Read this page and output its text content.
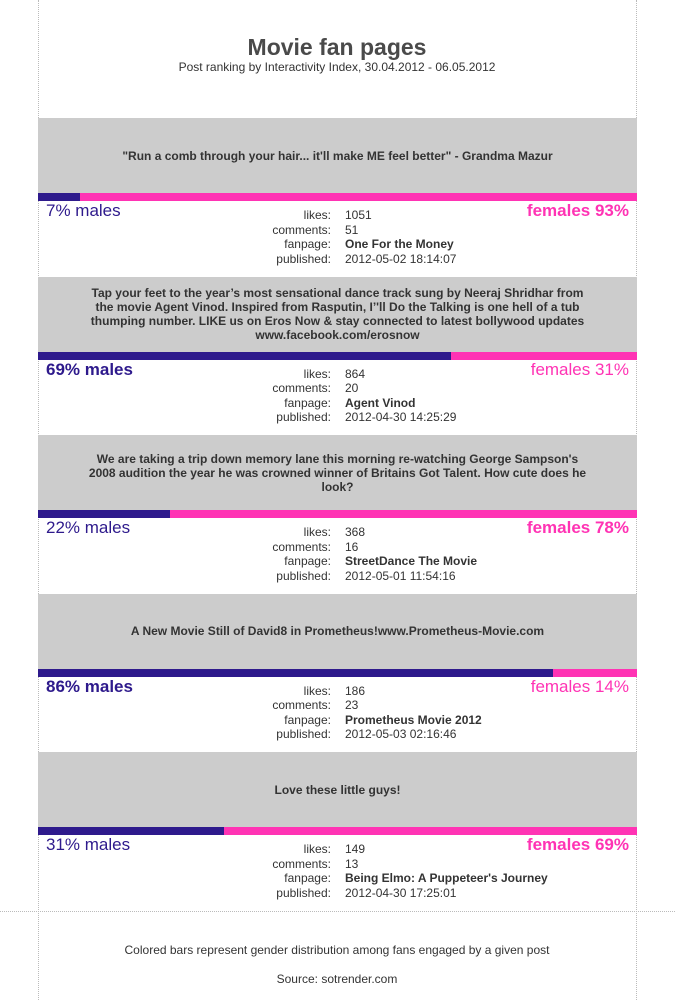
Movie fan pages
Post ranking by Interactivity Index, 30.04.2012 - 06.05.2012
"Run a comb through your hair... it'll make ME feel better" - Grandma Mazur
7% males	females 93%
likes: 1051
comments: 51
fanpage: One For the Money
published: 2012-05-02 18:14:07
Tap your feet to the year’s most sensational dance track sung by Neeraj Shridhar from the movie Agent Vinod. Inspired from Rasputin, I’'ll Do the Talking is one hell of a tub thumping number. LIKE us on Eros Now & stay connected to latest bollywood updates www.facebook.com/erosnow
69% males	females 31%
likes: 864
comments: 20
fanpage: Agent Vinod
published: 2012-04-30 14:25:29
We are taking a trip down memory lane this morning re-watching George Sampson's 2008 audition the year he was crowned winner of Britains Got Talent. How cute does he look?
22% males	females 78%
likes: 368
comments: 16
fanpage: StreetDance The Movie
published: 2012-05-01 11:54:16
A New Movie Still of David8 in Prometheus!www.Prometheus-Movie.com
86% males	females 14%
likes: 186
comments: 23
fanpage: Prometheus Movie 2012
published: 2012-05-03 02:16:46
Love these little guys!
31% males	females 69%
likes: 149
comments: 13
fanpage: Being Elmo: A Puppeteer's Journey
published: 2012-04-30 17:25:01
Colored bars represent gender distribution among fans engaged by a given post
Source: sotrender.com
